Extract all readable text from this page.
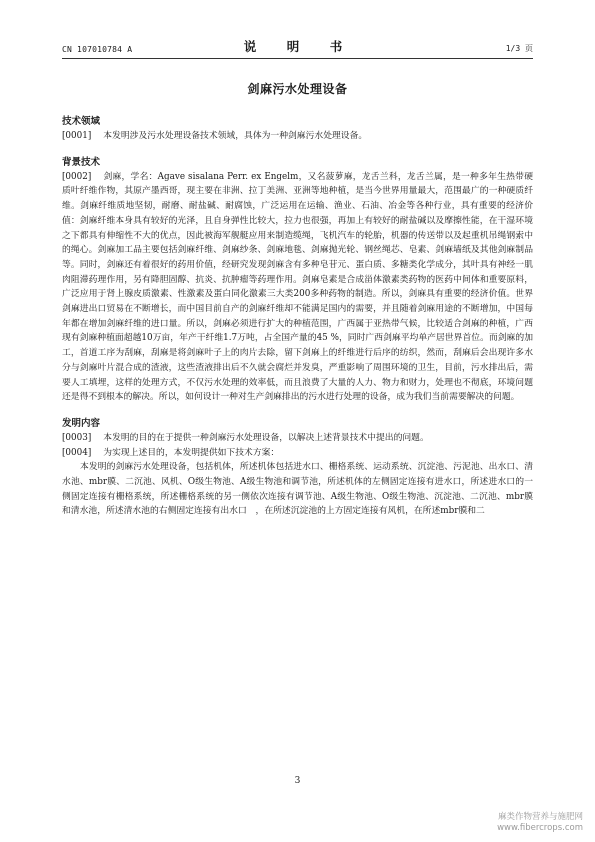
CN 107010784 A	说　明　书	1/3 页
剑麻污水处理设备
技术领域

[0001] 本发明涉及污水处理设备技术领域，具体为一种剑麻污水处理设备。

背景技术

[0002] 剑麻，学名：Agave sisalana Perr. ex Engelm，又名菠萝麻，龙舌兰科，龙舌兰属，是一种多年生热带硬质叶纤维作物，其原产墨西哥，现主要在非洲、拉丁美洲、亚洲等地种植，是当今世界用量最大，范围最广的一种硬质纤维。剑麻纤维质地坚韧，耐磨、耐盐碱、耐腐蚀，广泛运用在运输、渔业、石油、冶金等各种行业，具有重要的经济价值：剑麻纤维本身具有较好的光泽，且自身弹性比较大，拉力也很强，再加上有较好的耐盐碱以及摩擦性能，在干湿环境之下都具有伸缩性不大的优点，因此被海军舰艇应用来制造缆绳，飞机汽车的轮胎，机器的传送带以及起重机吊绳钢索中的绳心。剑麻加工品主要包括剑麻纤维、剑麻纱条、剑麻地毯、剑麻抛光轮、钢丝绳芯、皂素、剑麻墙纸及其他剑麻制品等。同时，剑麻还有着很好的药用价值，经研究发现剑麻含有多种皂苷元、蛋白质、多糖类化学成分，其叶具有神经一肌肉阻滞药理作用，另有降胆固醇、抗炎、抗肿瘤等药理作用。剑麻皂素是合成甾体激素类药物的医药中间体和重要原料，广泛应用于肾上腺皮质激素、性激素及蛋白同化激素三大类200多种药物的制造。所以，剑麻具有重要的经济价值。世界剑麻进出口贸易在不断增长，而中国目前自产的剑麻纤维却不能满足国内的需要，并且随着剑麻用途的不断增加，中国每年都在增加剑麻纤维的进口量。所以，剑麻必须进行扩大的种植范围，广西属于亚热带气候，比较适合剑麻的种植，广西现有剑麻种植面超越10万亩，年产干纤维1.7万吨，占全国产量的45 %，同时广西剑麻平均单产居世界首位。而剑麻的加工，首道工序为刮麻，刮麻是将剑麻叶子上的肉片去除，留下剑麻上的纤维进行后序的纺织，然而，刮麻后会出现许多水分与剑麻叶片混合成的渣液，这些渣液排出后不久就会腐烂并发臭，严重影响了周围环境的卫生，目前，污水排出后，需要人工填埋，这样的处理方式，不仅污水处理的效率低，而且浪费了大量的人力、物力和财力，处理也不彻底，环境问题还是得不到根本的解决。所以，如何设计一种对生产剑麻排出的污水进行处理的设备，成为我们当前需要解决的问题。

发明内容

[0003] 本发明的目的在于提供一种剑麻污水处理设备，以解决上述背景技术中提出的问题。

[0004] 为实现上述目的，本发明提供如下技术方案：

本发明的剑麻污水处理设备，包括机体，所述机体包括进水口、栅格系统、运动系统、沉淀池、污泥池、出水口、清水池、mbr膜、二沉池、风机、O级生物池、A级生物池和调节池，所述机体的左侧固定连接有进水口，所述进水口的一侧固定连接有栅格系统，所述栅格系统的另一侧依次连接有调节池、A级生物池、O级生物池、沉淀池、二沉池、mbr膜和清水池，所述清水池的右侧固定连接有出水口　，在所述沉淀池的上方固定连接有风机，在所述mbr膜和二

3
麻类作物营养与施肥网
www.fibercrops.com
